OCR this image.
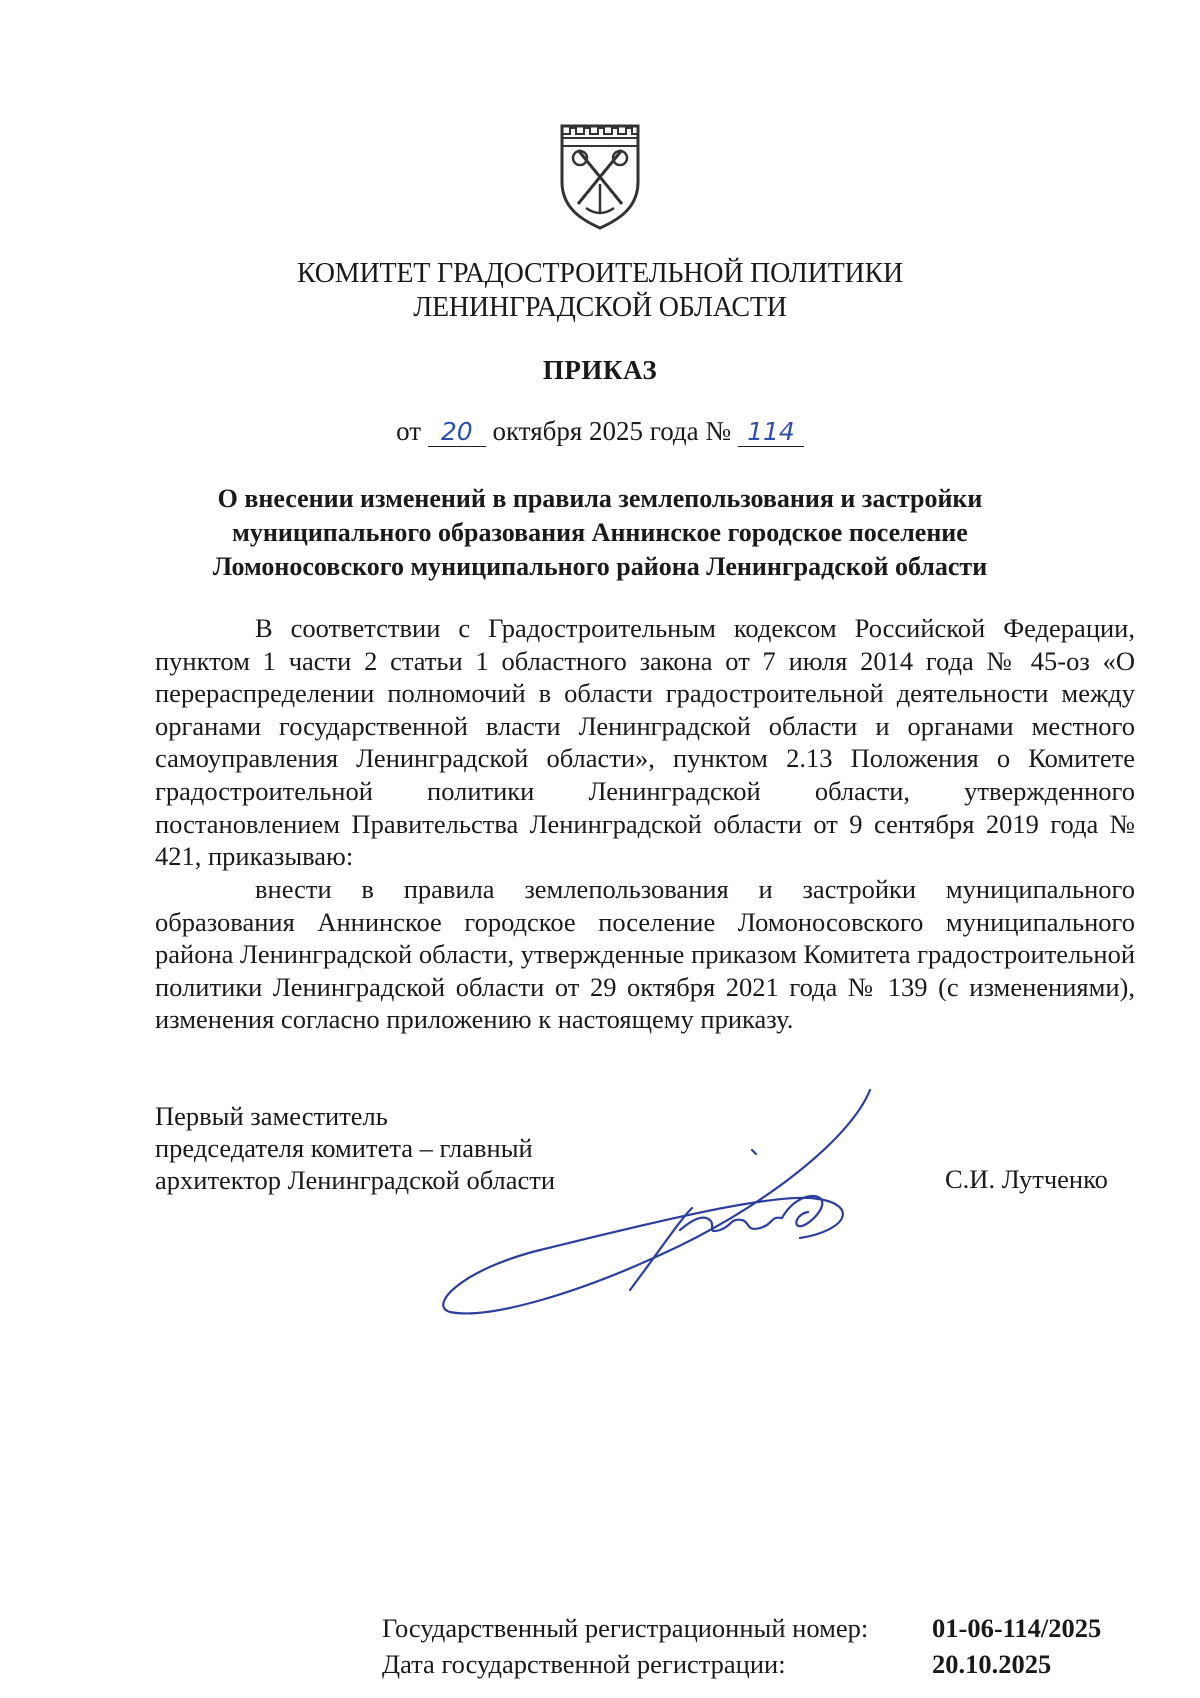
КОМИТЕТ ГРАДОСТРОИТЕЛЬНОЙ ПОЛИТИКИ
ЛЕНИНГРАДСКОЙ ОБЛАСТИ
ПРИКАЗ
от 20 октября 2025 года № 114
О внесении изменений в правила землепользования и застройки
муниципального образования Аннинское городское поселение
Ломоносовского муниципального района Ленинградской области
В соответствии с Градостроительным кодексом Российской Федерации, пунктом 1 части 2 статьи 1 областного закона от 7 июля 2014 года № 45-оз «О перераспределении полномочий в области градостроительной деятельности между органами государственной власти Ленинградской области и органами местного самоуправления Ленинградской области», пунктом 2.13 Положения о Комитете градостроительной политики Ленинградской области, утвержденного постановлением Правительства Ленинградской области от 9 сентября 2019 года № 421, приказываю:
внести в правила землепользования и застройки муниципального образования Аннинское городское поселение Ломоносовского муниципального района Ленинградской области, утвержденные приказом Комитета градостроительной политики Ленинградской области от 29 октября 2021 года № 139 (с изменениями), изменения согласно приложению к настоящему приказу.
Первый заместитель
председателя комитета – главный
архитектор Ленинградской области	С.И. Лутченко
Государственный регистрационный номер:
Дата государственной регистрации:
01-06-114/2025
20.10.2025
